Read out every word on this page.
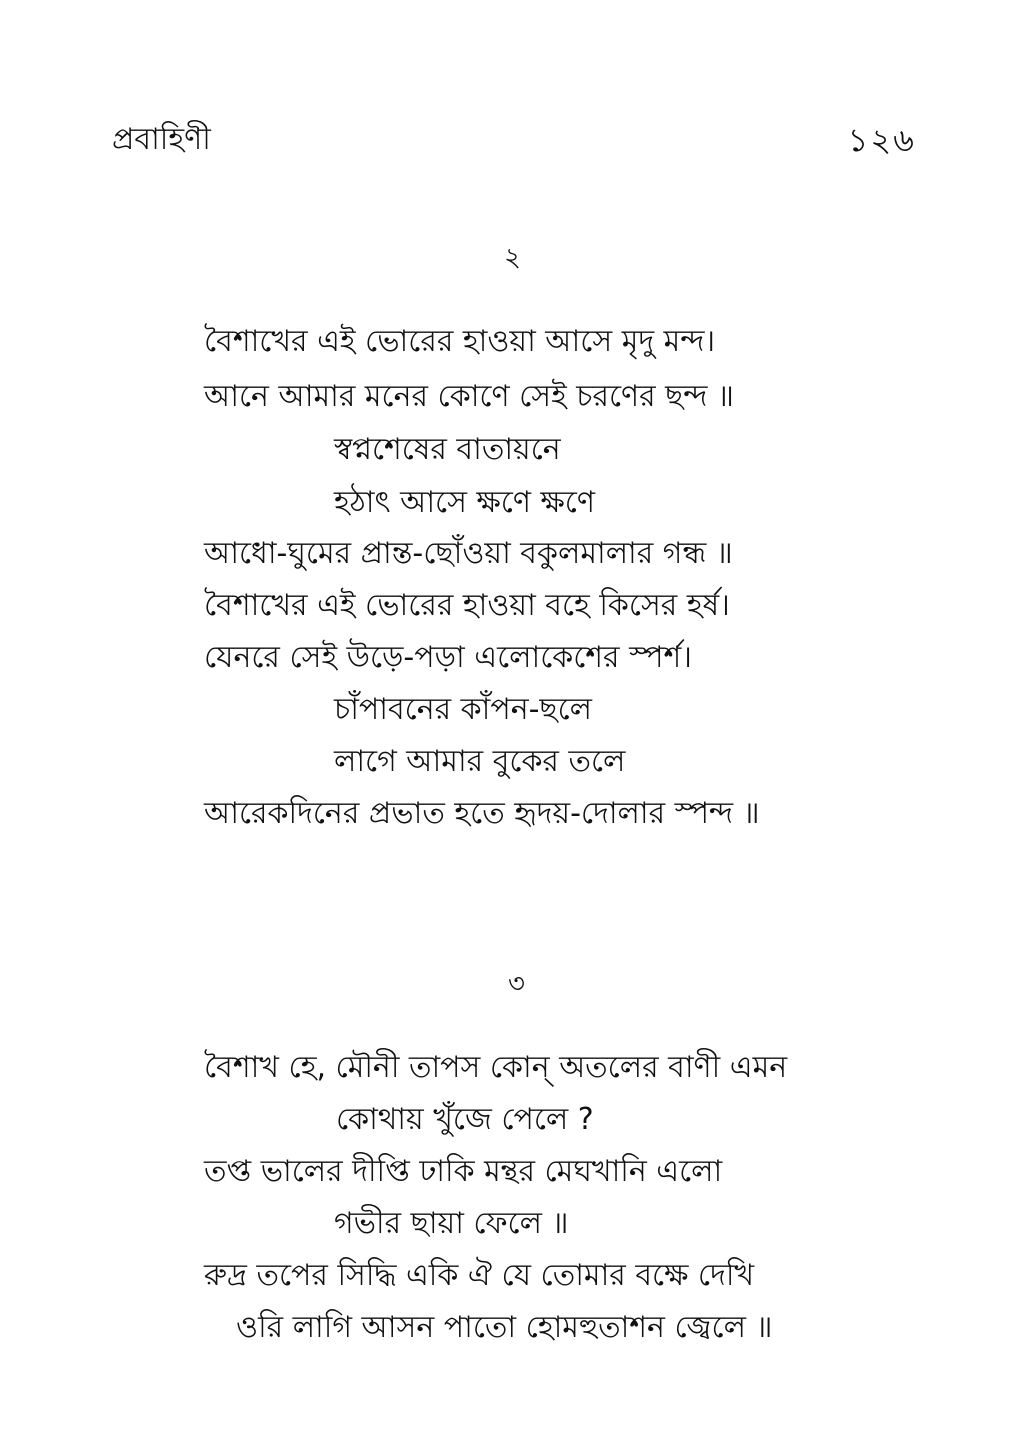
প্রবাহিণী	১২৬
২
বৈশাখের এই ভোরের হাওয়া আসে মৃদু মন্দ।
আনে আমার মনের কোণে সেই চরণের ছন্দ ॥
স্বপ্নশেষের বাতায়নে
হঠাৎ আসে ক্ষণে ক্ষণে
আধো-ঘুমের প্রান্ত-ছোঁওয়া বকুলমালার গন্ধ ॥
বৈশাখের এই ভোরের হাওয়া বহে কিসের হর্ষ।
যেনরে সেই উড়ে-পড়া এলোকেশের স্পর্শ।
চাঁপাবনের কাঁপন-ছলে
লাগে আমার বুকের তলে
আরেকদিনের প্রভাত হতে হৃদয়-দোলার স্পন্দ ॥
৩
বৈশাখ হে, মৌনী তাপস কোন্ অতলের বাণী এমন
কোথায় খুঁজে পেলে ?
তপ্ত ভালের দীপ্তি ঢাকি মন্থর মেঘখানি এলো
গভীর ছায়া ফেলে ॥
রুদ্র তপের সিদ্ধি একি ঐ যে তোমার বক্ষে দেখি
ওরি লাগি আসন পাতো হোমহুতাশন জ্বেলে ॥
